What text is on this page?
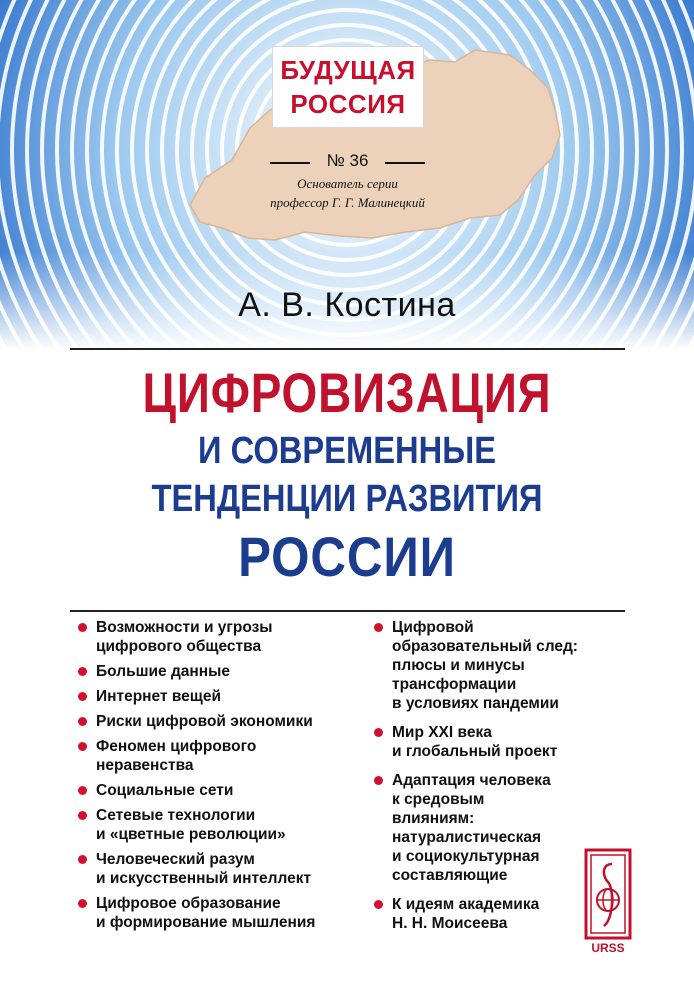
БУДУЩАЯ
РОССИЯ
№ 36
Основатель серии
профессор Г. Г. Малинецкий
А. В. Костина
ЦИФРОВИЗАЦИЯ
И СОВРЕМЕННЫЕ
ТЕНДЕНЦИИ РАЗВИТИЯ
РОССИИ
Возможности и угрозы
цифрового общества
Большие данные
Интернет вещей
Риски цифровой экономики
Феномен цифрового
неравенства
Социальные сети
Сетевые технологии
и «цветные революции»
Человеческий разум
и искусственный интеллект
Цифровое образование
и формирование мышления
Цифровой
образовательный след:
плюсы и минусы
трансформации
в условиях пандемии
Мир XXI века
и глобальный проект
Адаптация человека
к средовым
влияниям:
натуралистическая
и социокультурная
составляющие
К идеям академика
Н. Н. Моисеева
URSS
